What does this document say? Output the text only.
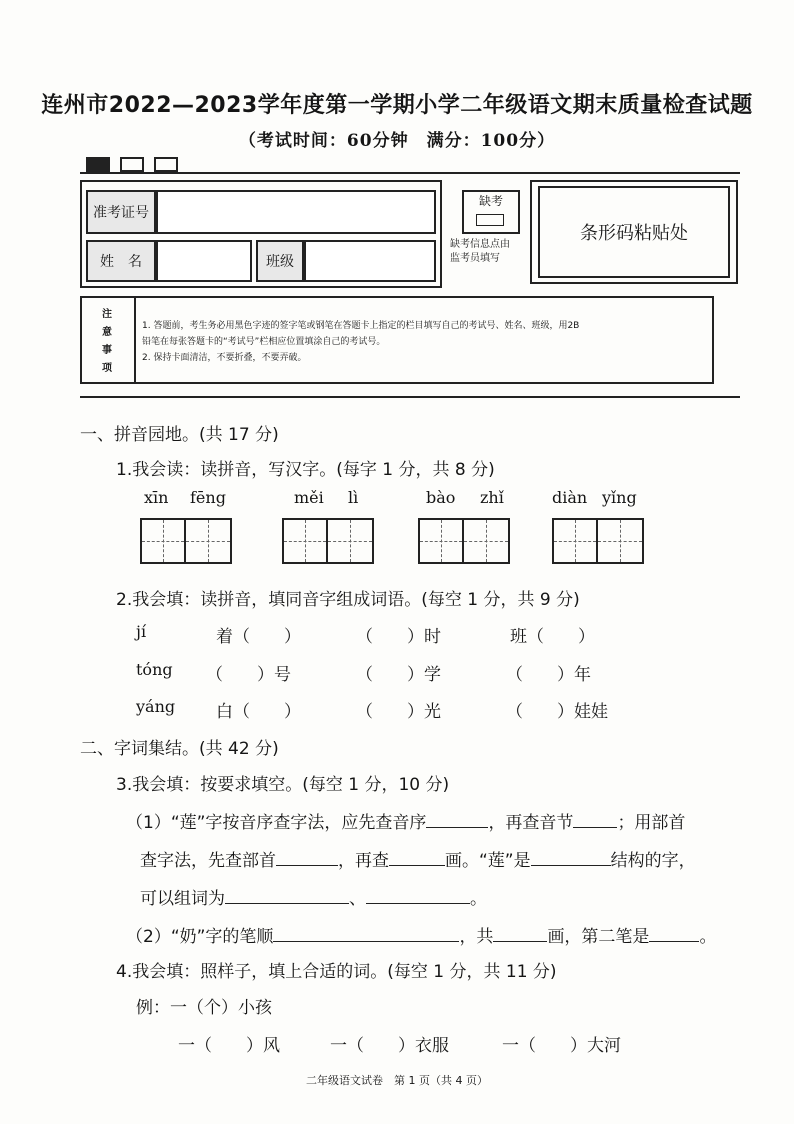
连州市2022—2023学年度第一学期小学二年级语文期末质量检查试题
（考试时间：60分钟　满分：100分）
准考证号
姓　名	班级
缺考
缺考信息点由
监考员填写
条形码粘贴处
注
意
事
项
1. 答题前，考生务必用黑色字迹的签字笔或钢笔在答题卡上指定的栏目填写自己的考试号、姓名、班级，用2B
铅笔在每张答题卡的“考试号”栏相应位置填涂自己的考试号。
2. 保持卡面清洁，不要折叠，不要弄破。
一、拼音园地。(共 17 分)
1.我会读：读拼音，写汉字。(每字 1 分，共 8 分)
xīn fēng	měi lì	bào zhǐ	diàn yǐng
2.我会填：读拼音，填同音字组成词语。(每空 1 分，共 9 分)
jí	着（　　）	（　　）时	班（　　）
tóng （　　）号	（　　）学	（　　）年
yáng 白（　　）	（　　）光	（　　）娃娃
二、字词集结。(共 42 分)
3.我会填：按要求填空。(每空 1 分，10 分)
（1）“莲”字按音序查字法，应先查音序	，再查音节	；用部首
查字法，先查部首	，再查	画。“莲”是	结构的字，
可以组词为	、	。
（2）“奶”字的笔顺	，共	画，第二笔是	。
4.我会填：照样子，填上合适的词。(每空 1 分，共 11 分)
例：一（个）小孩
一（　　）风	一（　　）衣服	一（　　）大河
二年级语文试卷　第 1 页（共 4 页）
